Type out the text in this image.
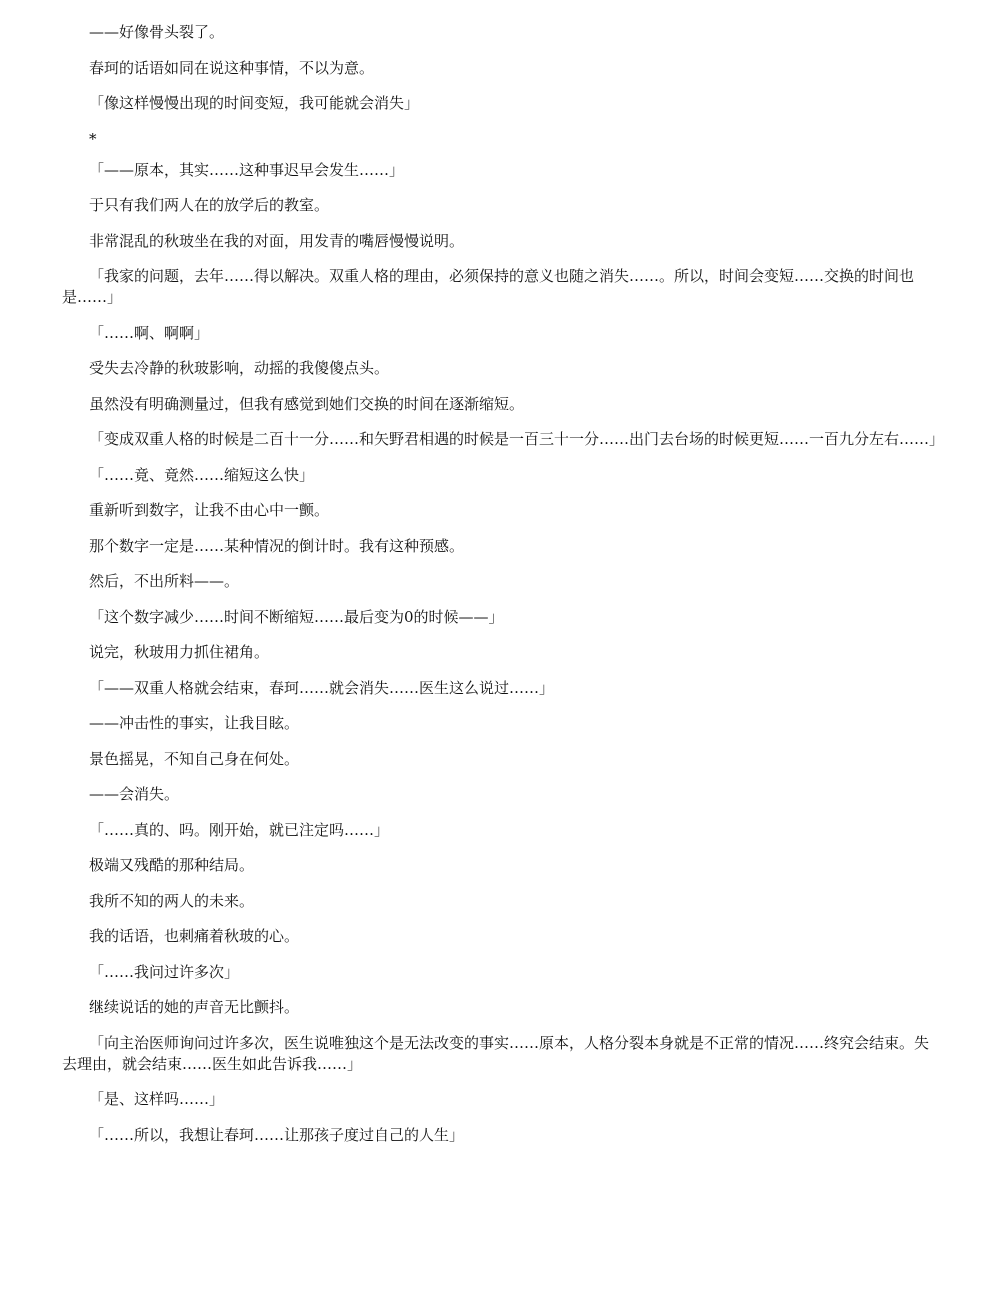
——好像骨头裂了。

春珂的话语如同在说这种事情，不以为意。

「像这样慢慢出现的时间变短，我可能就会消失」

*

「——原本，其实……这种事迟早会发生……」

于只有我们两人在的放学后的教室。

非常混乱的秋玻坐在我的对面，用发青的嘴唇慢慢说明。

「我家的问题，去年……得以解决。双重人格的理由，必须保持的意义也随之消失……。所以，时间会变短……交换的时间也是……」

「……啊、啊啊」

受失去冷静的秋玻影响，动摇的我傻傻点头。

虽然没有明确测量过，但我有感觉到她们交换的时间在逐渐缩短。

「变成双重人格的时候是二百十一分……和矢野君相遇的时候是一百三十一分……出门去台场的时候更短……一百九分左右……」

「……竟、竟然……缩短这么快」

重新听到数字，让我不由心中一颤。

那个数字一定是……某种情况的倒计时。我有这种预感。

然后，不出所料——。

「这个数字减少……时间不断缩短……最后变为0的时候——」

说完，秋玻用力抓住裙角。

「——双重人格就会结束，春珂……就会消失……医生这么说过……」

——冲击性的事实，让我目眩。

景色摇晃，不知自己身在何处。

——会消失。

「……真的、吗。刚开始，就已注定吗……」

极端又残酷的那种结局。

我所不知的两人的未来。

我的话语，也刺痛着秋玻的心。

「……我问过许多次」

继续说话的她的声音无比颤抖。

「向主治医师询问过许多次，医生说唯独这个是无法改变的事实……原本，人格分裂本身就是不正常的情况……终究会结束。失去理由，就会结束……医生如此告诉我……」

「是、这样吗……」

「……所以，我想让春珂……让那孩子度过自己的人生」
